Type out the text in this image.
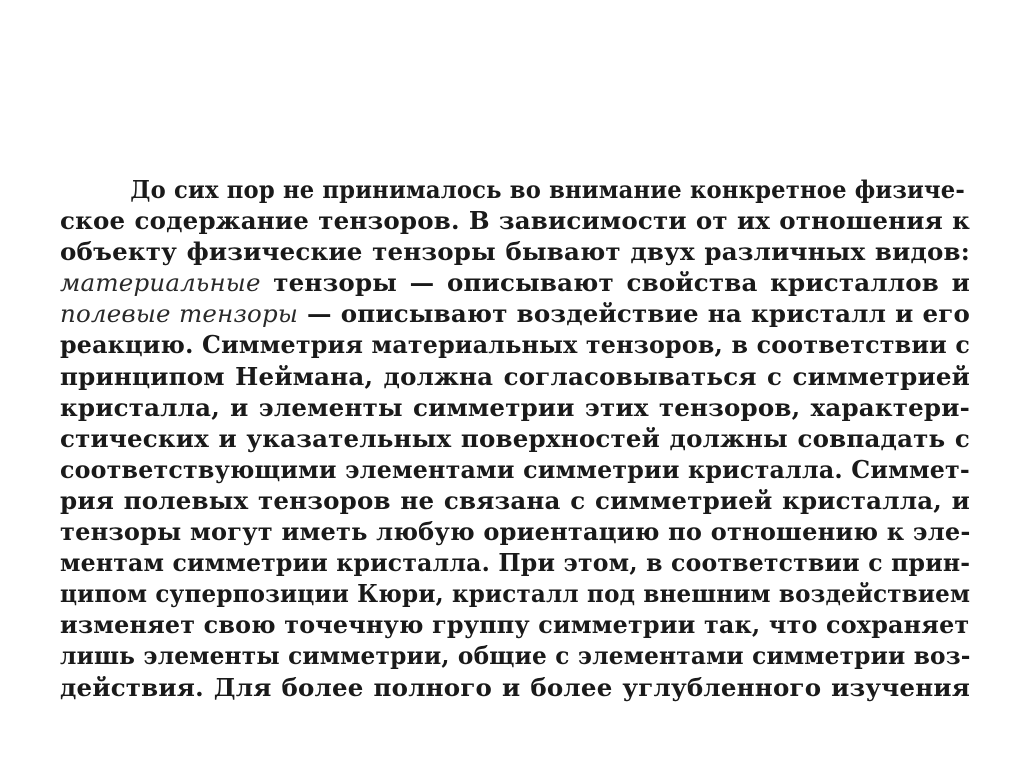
До сих пор не принималось во внимание конкретное физиче-
ское содержание тензоров. В зависимости от их отношения к
объекту физические тензоры бывают двух различных видов:
материальные тензоры — описывают свойства кристаллов и
полевые тензоры — описывают воздействие на кристалл и его
реакцию. Симметрия материальных тензоров, в соответствии с
принципом Неймана, должна согласовываться с симметрией
кристалла, и элементы симметрии этих тензоров, характери-
стических и указательных поверхностей должны совпадать с
соответствующими элементами симметрии кристалла. Симмет-
рия полевых тензоров не связана с симметрией кристалла, и
тензоры могут иметь любую ориентацию по отношению к эле-
ментам симметрии кристалла. При этом, в соответствии с прин-
ципом суперпозиции Кюри, кристалл под внешним воздействием
изменяет свою точечную группу симметрии так, что сохраняет
лишь элементы симметрии, общие с элементами симметрии воз-
действия. Для более полного и более углубленного изучения
